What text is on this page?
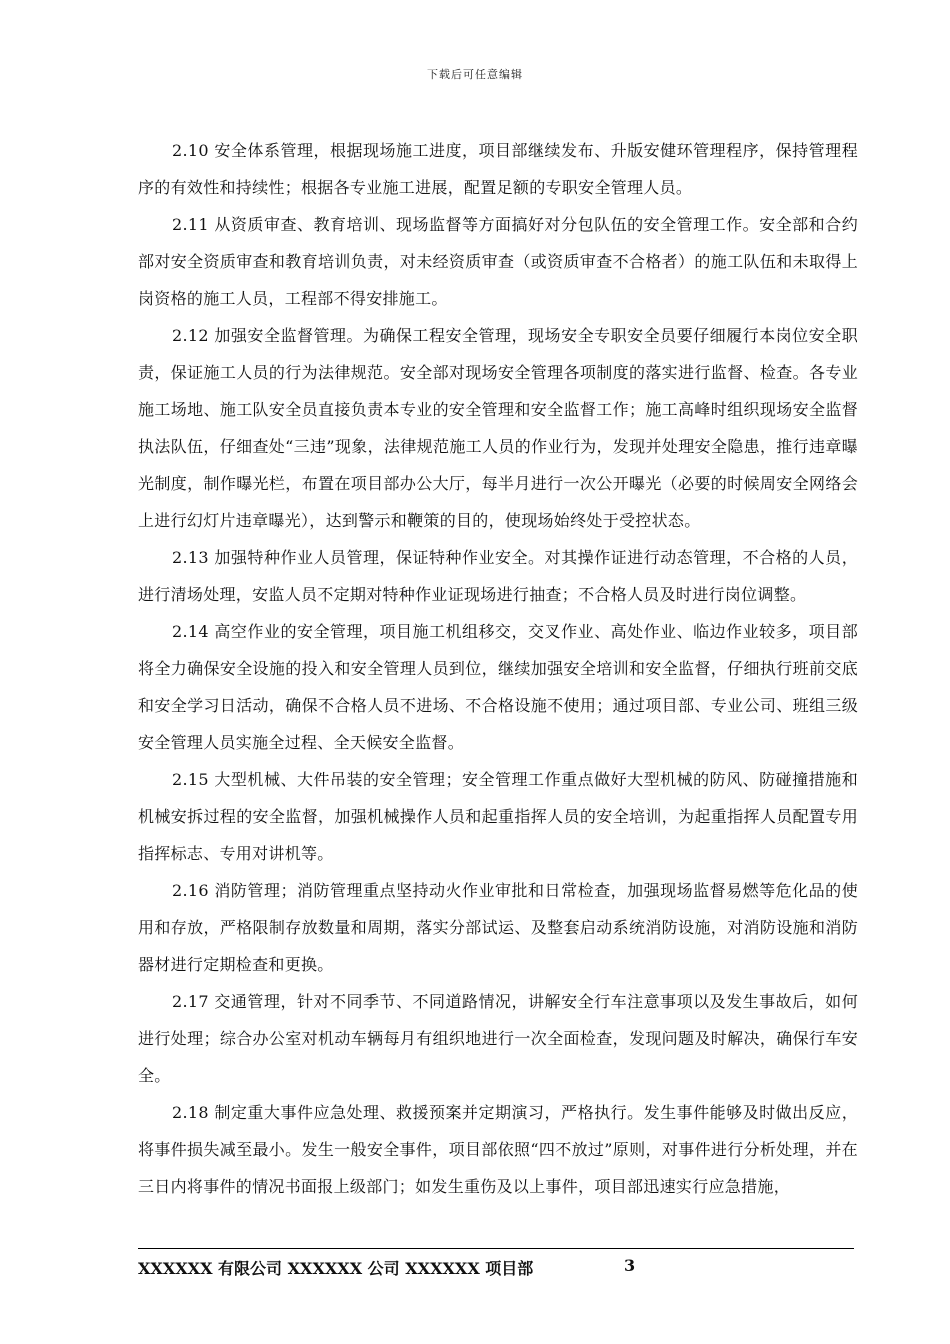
下载后可任意编辑

2.10 安全体系管理，根据现场施工进度，项目部继续发布、升版安健环管理程序，保持管理程序的有效性和持续性；根据各专业施工进展，配置足额的专职安全管理人员。

2.11 从资质审查、教育培训、现场监督等方面搞好对分包队伍的安全管理工作。安全部和合约部对安全资质审查和教育培训负责，对未经资质审查（或资质审查不合格者）的施工队伍和未取得上岗资格的施工人员，工程部不得安排施工。

2.12 加强安全监督管理。为确保工程安全管理，现场安全专职安全员要仔细履行本岗位安全职责，保证施工人员的行为法律规范。安全部对现场安全管理各项制度的落实进行监督、检查。各专业施工场地、施工队安全员直接负责本专业的安全管理和安全监督工作；施工高峰时组织现场安全监督执法队伍，仔细查处“三违”现象，法律规范施工人员的作业行为，发现并处理安全隐患，推行违章曝光制度，制作曝光栏，布置在项目部办公大厅，每半月进行一次公开曝光（必要的时候周安全网络会上进行幻灯片违章曝光），达到警示和鞭策的目的，使现场始终处于受控状态。

2.13 加强特种作业人员管理，保证特种作业安全。对其操作证进行动态管理，不合格的人员，进行清场处理，安监人员不定期对特种作业证现场进行抽查；不合格人员及时进行岗位调整。

2.14 高空作业的安全管理，项目施工机组移交，交叉作业、高处作业、临边作业较多，项目部将全力确保安全设施的投入和安全管理人员到位，继续加强安全培训和安全监督，仔细执行班前交底和安全学习日活动，确保不合格人员不进场、不合格设施不使用；通过项目部、专业公司、班组三级安全管理人员实施全过程、全天候安全监督。

2.15 大型机械、大件吊装的安全管理；安全管理工作重点做好大型机械的防风、防碰撞措施和机械安拆过程的安全监督，加强机械操作人员和起重指挥人员的安全培训，为起重指挥人员配置专用指挥标志、专用对讲机等。

2.16 消防管理；消防管理重点坚持动火作业审批和日常检查，加强现场监督易燃等危化品的使用和存放，严格限制存放数量和周期，落实分部试运、及整套启动系统消防设施，对消防设施和消防器材进行定期检查和更换。

2.17 交通管理，针对不同季节、不同道路情况，讲解安全行车注意事项以及发生事故后，如何进行处理；综合办公室对机动车辆每月有组织地进行一次全面检查，发现问题及时解决，确保行车安全。

2.18 制定重大事件应急处理、救援预案并定期演习，严格执行。发生事件能够及时做出反应，将事件损失减至最小。发生一般安全事件，项目部依照“四不放过”原则，对事件进行分析处理，并在三日内将事件的情况书面报上级部门；如发生重伤及以上事件，项目部迅速实行应急措施，

XXXXXX 有限公司 XXXXXX 公司 XXXXXX 项目部	3
